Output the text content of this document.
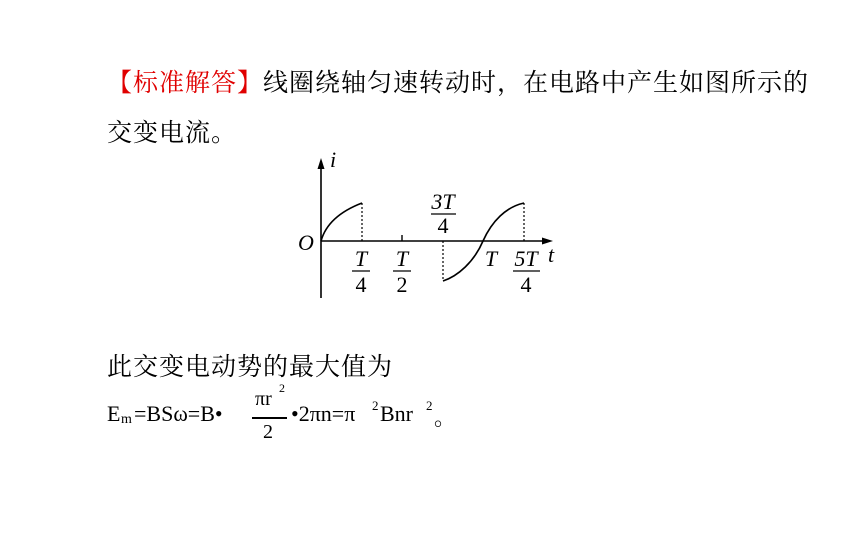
【标准解答】线圈绕轴匀速转动时，在电路中产生如图所示的
交变电流。
i
t
O
3T
4
T
4
T
2
T 5T
4
此交变电动势的最大值为
E m =BSω=B•
πr 2
2
•2πn=π 2 Bnr 2 。
